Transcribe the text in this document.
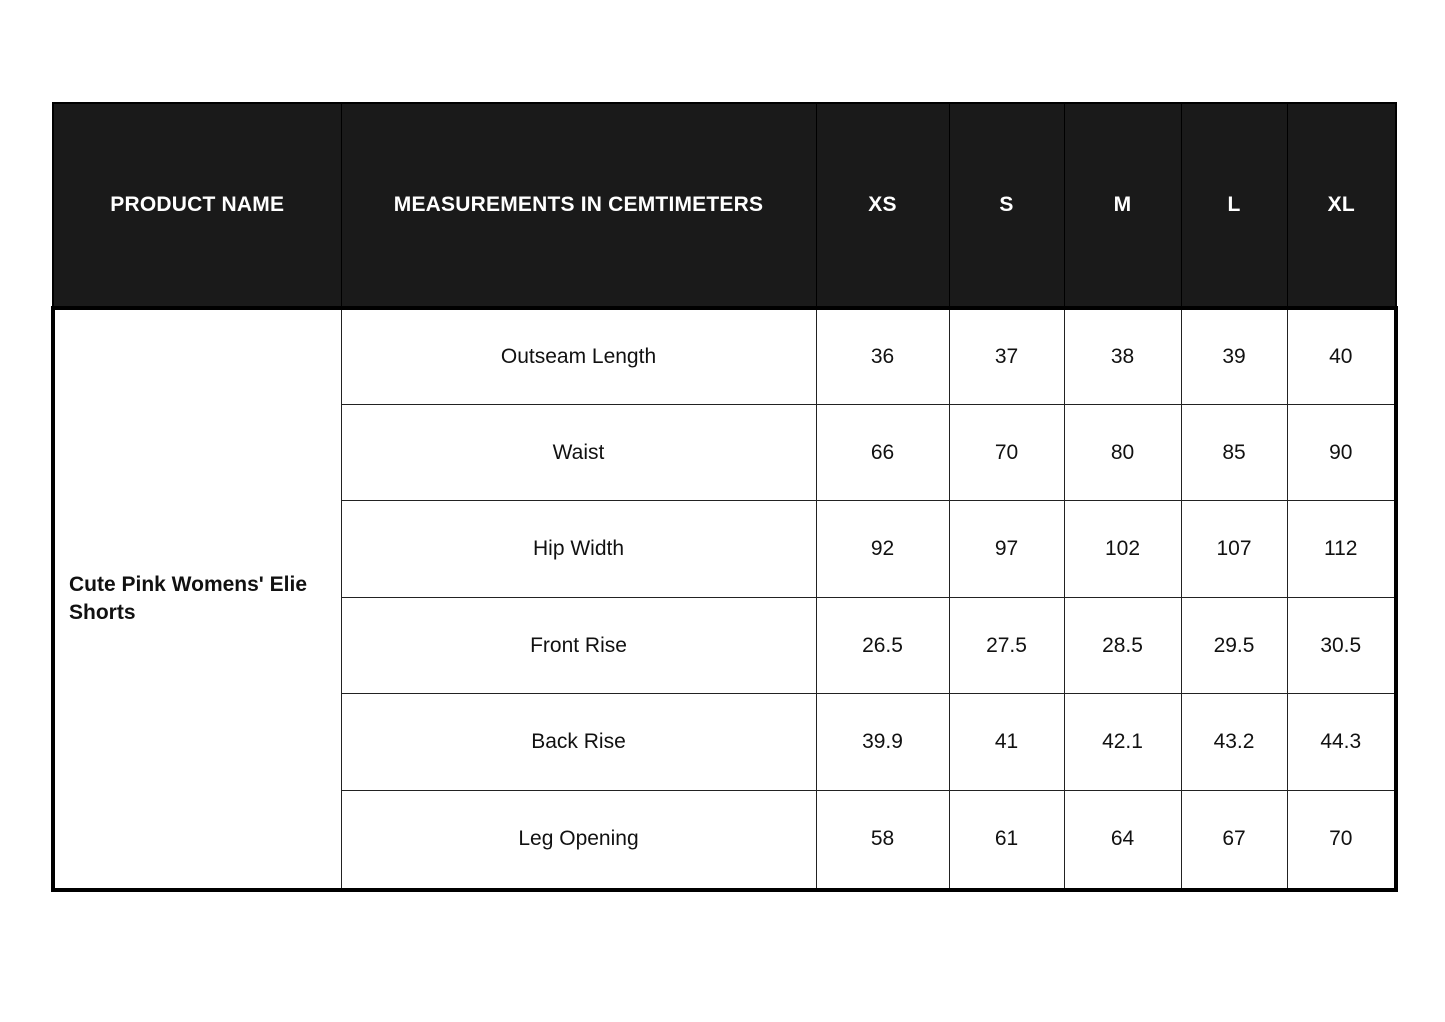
PRODUCT NAME	MEASUREMENTS IN CEMTIMETERS	XS	S	M	L	XL
Cute Pink Womens' Elie Shorts	Outseam Length	36	37	38	39	40
	Waist	66	70	80	85	90
	Hip Width	92	97	102	107	112
	Front Rise	26.5	27.5	28.5	29.5	30.5
	Back Rise	39.9	41	42.1	43.2	44.3
	Leg Opening	58	61	64	67	70
